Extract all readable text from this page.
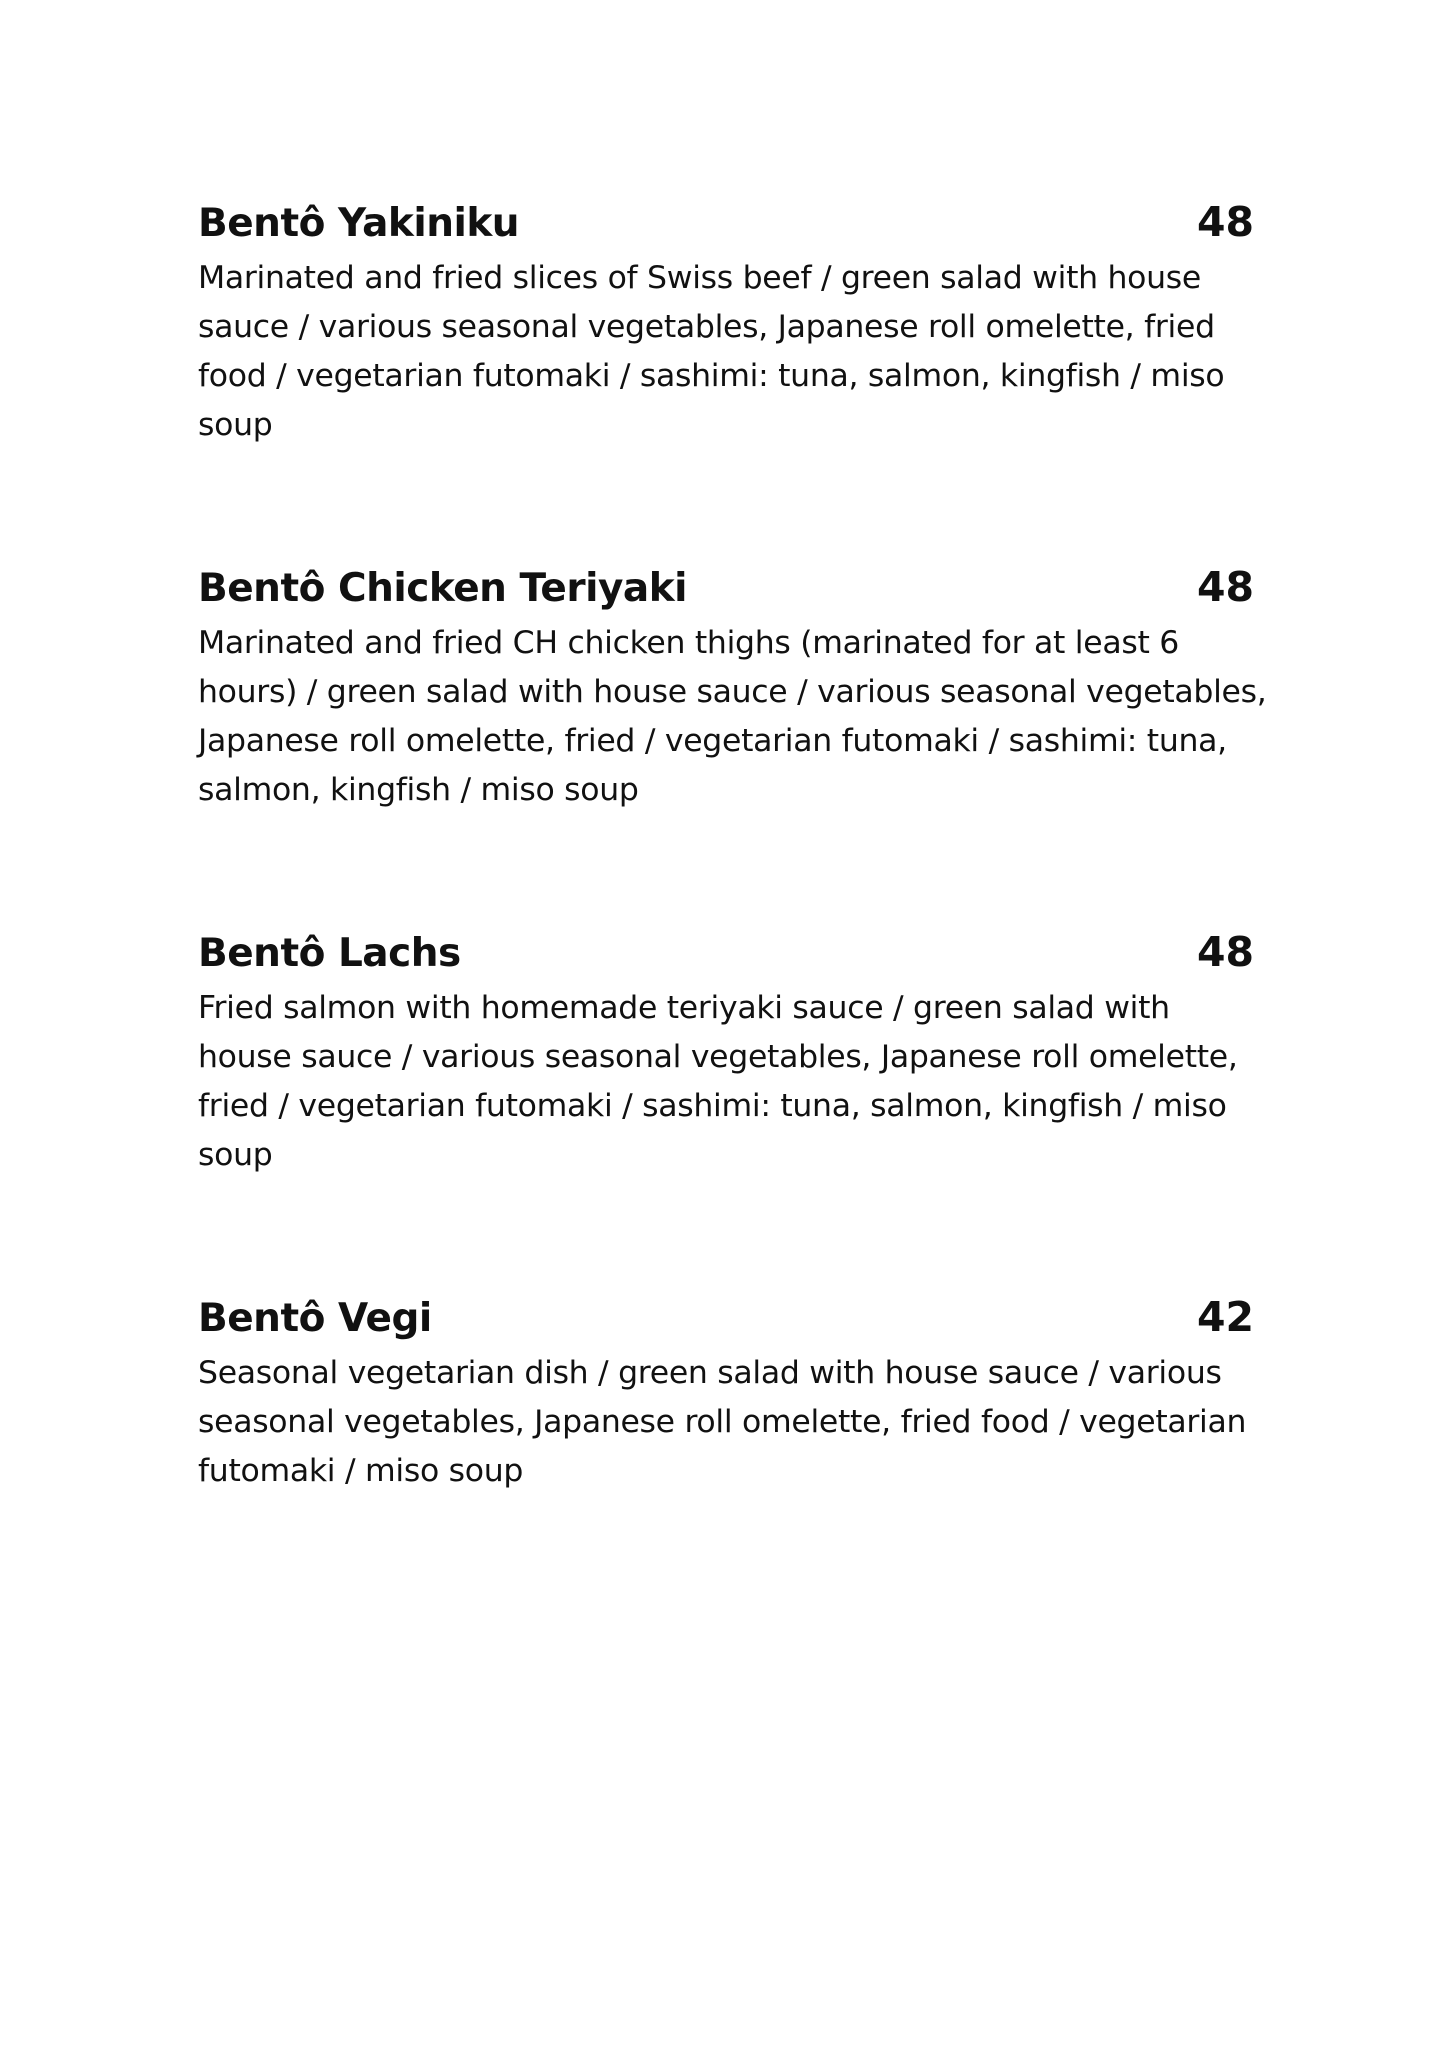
Bentô Yakiniku	48
Marinated and fried slices of Swiss beef / green salad with house sauce / various seasonal vegetables, Japanese roll omelette, fried food / vegetarian futomaki / sashimi: tuna, salmon, kingfish / miso soup
Bentô Chicken Teriyaki	48
Marinated and fried CH chicken thighs (marinated for at least 6 hours) / green salad with house sauce / various seasonal vegetables, Japanese roll omelette, fried / vegetarian futomaki / sashimi: tuna, salmon, kingfish / miso soup
Bentô Lachs	48
Fried salmon with homemade teriyaki sauce / green salad with house sauce / various seasonal vegetables, Japanese roll omelette, fried / vegetarian futomaki / sashimi: tuna, salmon, kingfish / miso soup
Bentô Vegi	42
Seasonal vegetarian dish / green salad with house sauce / various seasonal vegetables, Japanese roll omelette, fried food / vegetarian futomaki / miso soup
